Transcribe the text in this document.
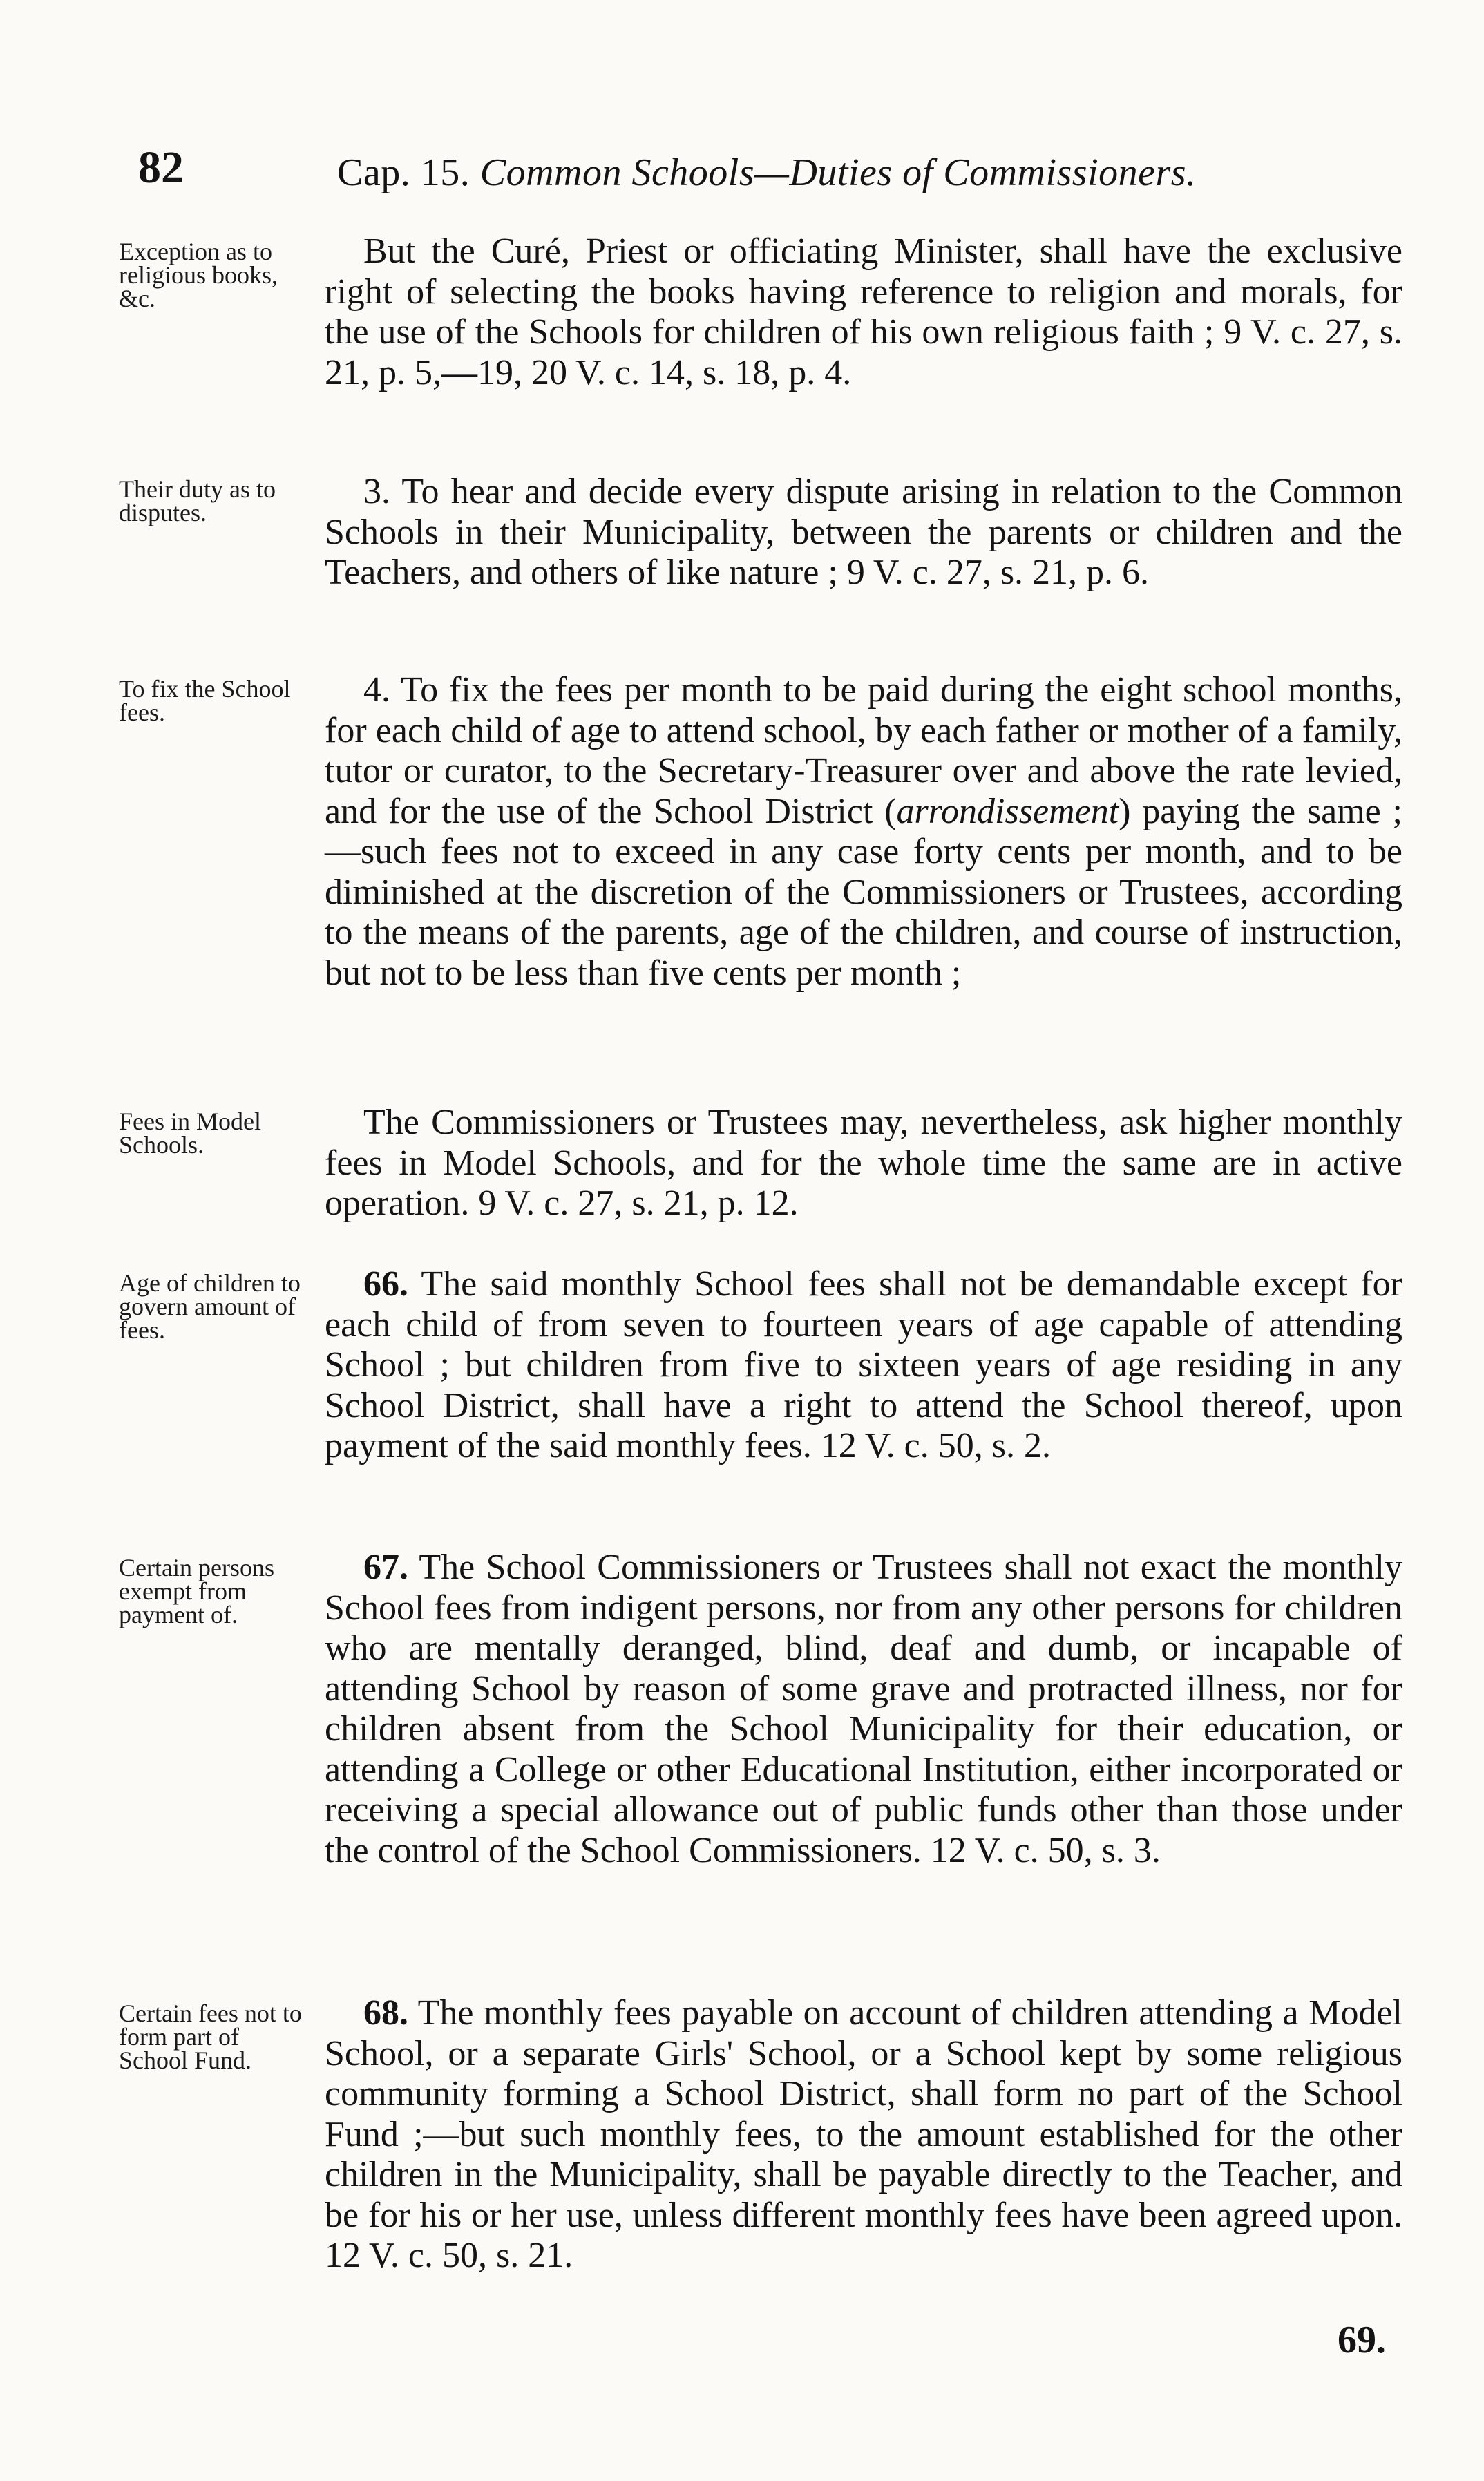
82	Cap. 15. Common Schools—Duties of Commissioners.
Exception as to religious books, &c.
But the Curé, Priest or officiating Minister, shall have the exclusive right of selecting the books having reference to religion and morals, for the use of the Schools for children of his own religious faith ; 9 V. c. 27, s. 21, p. 5,—19, 20 V. c. 14, s. 18, p. 4.
Their duty as to disputes.
3. To hear and decide every dispute arising in relation to the Common Schools in their Municipality, between the parents or children and the Teachers, and others of like nature ; 9 V. c. 27, s. 21, p. 6.
To fix the School fees.
4. To fix the fees per month to be paid during the eight school months, for each child of age to attend school, by each father or mother of a family, tutor or curator, to the Secretary-Treasurer over and above the rate levied, and for the use of the School District (arrondissement) paying the same ;—such fees not to exceed in any case forty cents per month, and to be diminished at the discretion of the Commissioners or Trustees, according to the means of the parents, age of the children, and course of instruction, but not to be less than five cents per month ;
Fees in Model Schools.
The Commissioners or Trustees may, nevertheless, ask higher monthly fees in Model Schools, and for the whole time the same are in active operation. 9 V. c. 27, s. 21, p. 12.
Age of children to govern amount of fees.
66. The said monthly School fees shall not be demandable except for each child of from seven to fourteen years of age capable of attending School ; but children from five to sixteen years of age residing in any School District, shall have a right to attend the School thereof, upon payment of the said monthly fees. 12 V. c. 50, s. 2.
Certain persons exempt from payment of.
67. The School Commissioners or Trustees shall not exact the monthly School fees from indigent persons, nor from any other persons for children who are mentally deranged, blind, deaf and dumb, or incapable of attending School by reason of some grave and protracted illness, nor for children absent from the School Municipality for their education, or attending a College or other Educational Institution, either incorporated or receiving a special allowance out of public funds other than those under the control of the School Commissioners. 12 V. c. 50, s. 3.
Certain fees not to form part of School Fund.
68. The monthly fees payable on account of children attending a Model School, or a separate Girls' School, or a School kept by some religious community forming a School District, shall form no part of the School Fund ;—but such monthly fees, to the amount established for the other children in the Municipality, shall be payable directly to the Teacher, and be for his or her use, unless different monthly fees have been agreed upon. 12 V. c. 50, s. 21.
69.
